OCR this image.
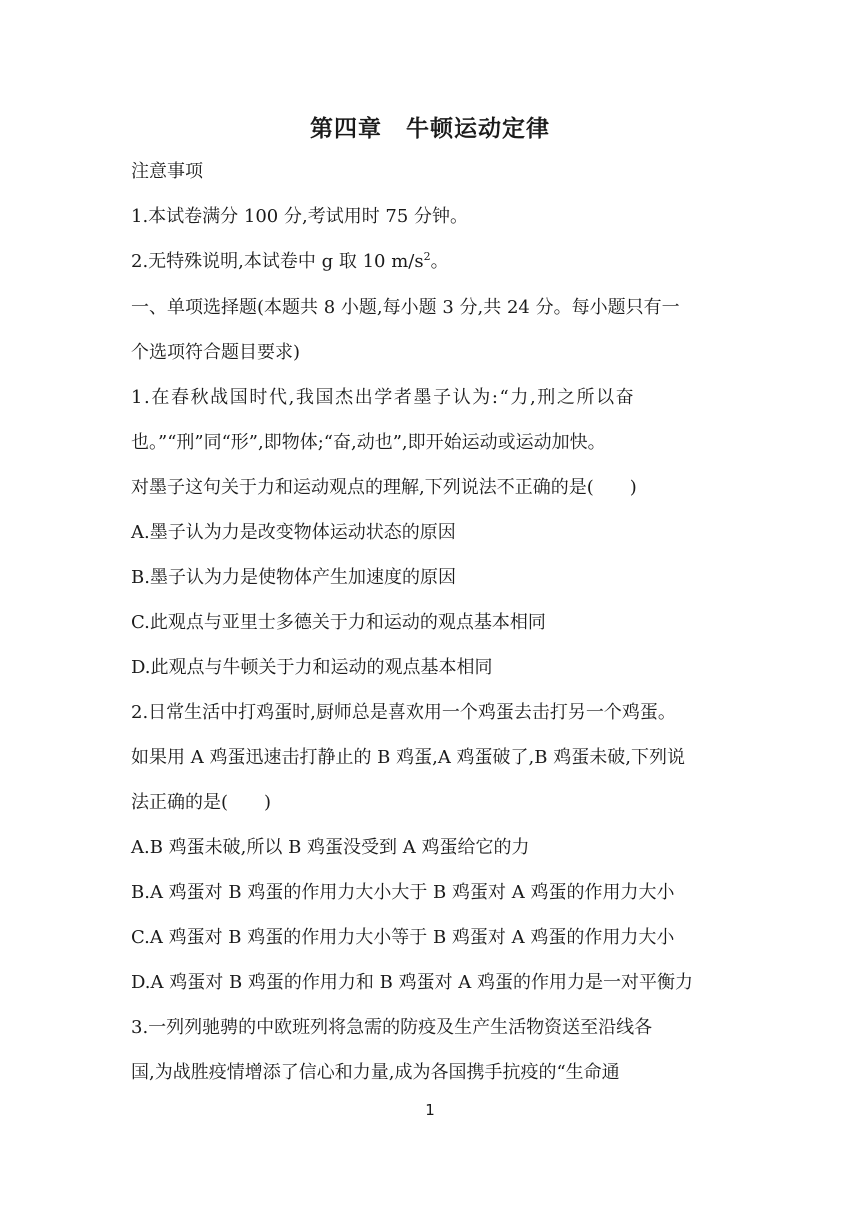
第四章　牛顿运动定律
注意事项
1.本试卷满分 100 分,考试用时 75 分钟。
2.无特殊说明,本试卷中 g 取 10 $m/s^2$。
一、单项选择题(本题共 8 小题,每小题 3 分,共 24 分。每小题只有一
个选项符合题目要求)
1.在春秋战国时代,我国杰出学者墨子认为:“力,刑之所以奋
也。”“刑”同“形”,即物体;“奋,动也”,即开始运动或运动加快。
对墨子这句关于力和运动观点的理解,下列说法不正确的是(　　)
A.墨子认为力是改变物体运动状态的原因
B.墨子认为力是使物体产生加速度的原因
C.此观点与亚里士多德关于力和运动的观点基本相同
D.此观点与牛顿关于力和运动的观点基本相同
2.日常生活中打鸡蛋时,厨师总是喜欢用一个鸡蛋去击打另一个鸡蛋。
如果用 A 鸡蛋迅速击打静止的 B 鸡蛋,A 鸡蛋破了,B 鸡蛋未破,下列说
法正确的是(　　)
A.B 鸡蛋未破,所以 B 鸡蛋没受到 A 鸡蛋给它的力
B.A 鸡蛋对 B 鸡蛋的作用力大小大于 B 鸡蛋对 A 鸡蛋的作用力大小
C.A 鸡蛋对 B 鸡蛋的作用力大小等于 B 鸡蛋对 A 鸡蛋的作用力大小
D.A 鸡蛋对 B 鸡蛋的作用力和 B 鸡蛋对 A 鸡蛋的作用力是一对平衡力
3.一列列驰骋的中欧班列将急需的防疫及生产生活物资送至沿线各
国,为战胜疫情增添了信心和力量,成为各国携手抗疫的“生命通
1
